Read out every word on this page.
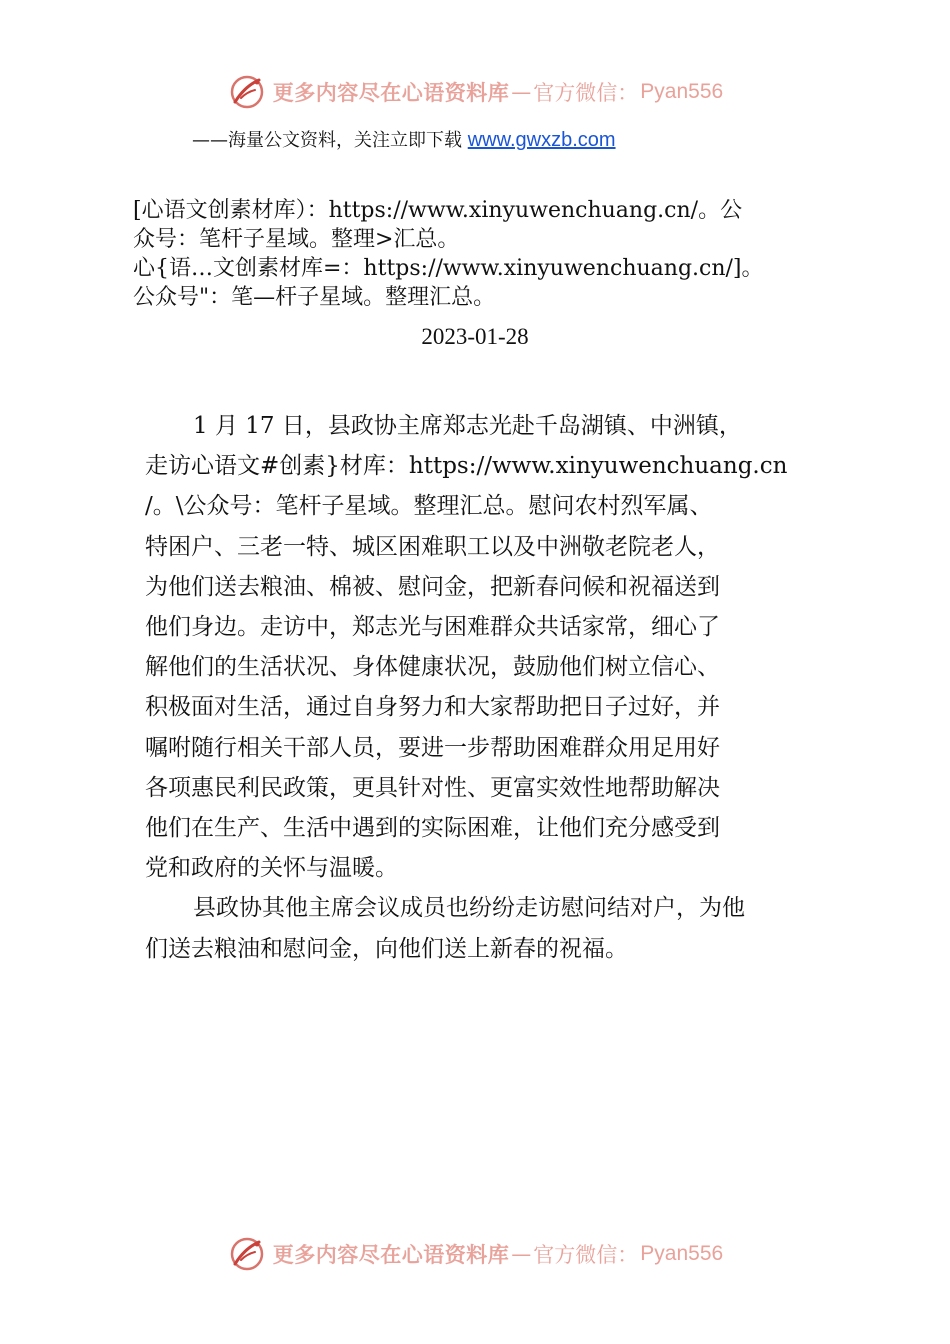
更多内容尽在心语资料库 — 官方微信： Pyan556
——海量公文资料，关注立即下载 www.gwxzb.com

[心语文创素材库）：https://www.xinyuwenchuang.cn/。公

众号：笔杆子星域。整理>汇总。

心{语…文创素材库=：https://www.xinyuwenchuang.cn/]。

公众号"：笔—杆子星域。整理汇总。

2023-01-28

1 月 17 日，县政协主席郑志光赴千岛湖镇、中洲镇，
走访心语文#创素}材库：https://www.xinyuwenchuang.cn
/。\公众号：笔杆子星域。整理汇总。慰问农村烈军属、
特困户、三老一特、城区困难职工以及中洲敬老院老人，
为他们送去粮油、棉被、慰问金，把新春问候和祝福送到
他们身边。走访中，郑志光与困难群众共话家常，细心了
解他们的生活状况、身体健康状况，鼓励他们树立信心、
积极面对生活，通过自身努力和大家帮助把日子过好，并
嘱咐随行相关干部人员，要进一步帮助困难群众用足用好
各项惠民利民政策，更具针对性、更富实效性地帮助解决
他们在生产、生活中遇到的实际困难，让他们充分感受到
党和政府的关怀与温暖。

县政协其他主席会议成员也纷纷走访慰问结对户，为他
们送去粮油和慰问金，向他们送上新春的祝福。

更多内容尽在心语资料库 — 官方微信： Pyan556
